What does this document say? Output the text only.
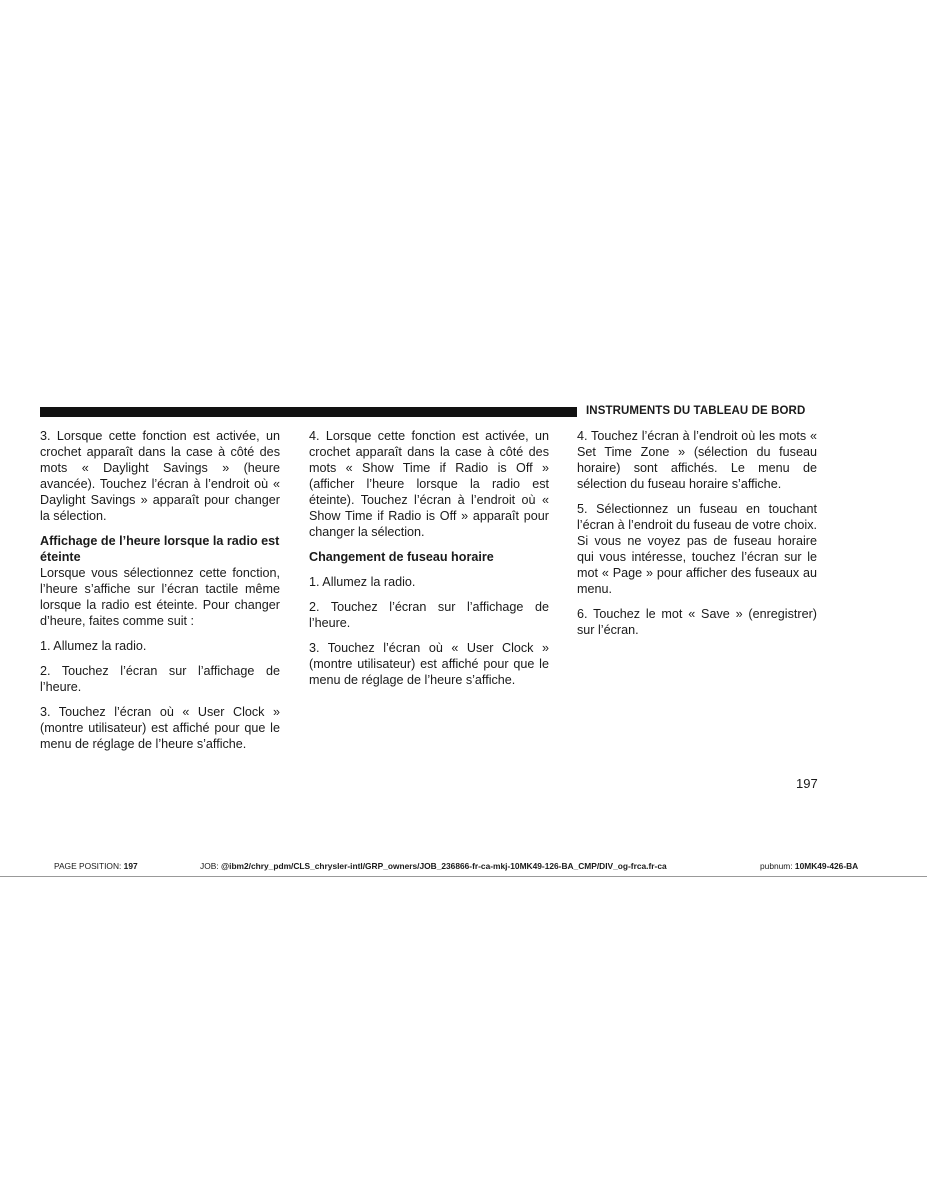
INSTRUMENTS DU TABLEAU DE BORD

3. Lorsque cette fonction est activée, un crochet apparaît dans la case à côté des mots « Daylight Savings » (heure avancée). Touchez l’écran à l’endroit où « Daylight Savings » apparaît pour changer la sélection.

Affichage de l’heure lorsque la radio est éteinte

Lorsque vous sélectionnez cette fonction, l’heure s’affiche sur l’écran tactile même lorsque la radio est éteinte. Pour changer d’heure, faites comme suit :

1. Allumez la radio.

2. Touchez l’écran sur l’affichage de l’heure.

3. Touchez l’écran où « User Clock » (montre utilisateur) est affiché pour que le menu de réglage de l’heure s’affiche.

4. Lorsque cette fonction est activée, un crochet apparaît dans la case à côté des mots « Show Time if Radio is Off » (afficher l’heure lorsque la radio est éteinte). Touchez l’écran à l’endroit où « Show Time if Radio is Off » apparaît pour changer la sélection.

Changement de fuseau horaire

1. Allumez la radio.

2. Touchez l’écran sur l’affichage de l’heure.

3. Touchez l’écran où « User Clock » (montre utilisateur) est affiché pour que le menu de réglage de l’heure s’affiche.

4. Touchez l’écran à l’endroit où les mots « Set Time Zone » (sélection du fuseau horaire) sont affichés. Le menu de sélection du fuseau horaire s’affiche.

5. Sélectionnez un fuseau en touchant l’écran à l’endroit du fuseau de votre choix. Si vous ne voyez pas de fuseau horaire qui vous intéresse, touchez l’écran sur le mot « Page » pour afficher des fuseaux au menu.

6. Touchez le mot « Save » (enregistrer) sur l’écran.

197
PAGE POSITION: 197	JOB: @ibm2/chry_pdm/CLS_chrysler-intl/GRP_owners/JOB_236866-fr-ca-mkj-10MK49-126-BA_CMP/DIV_og-frca.fr-ca	pubnum: 10MK49-426-BA
